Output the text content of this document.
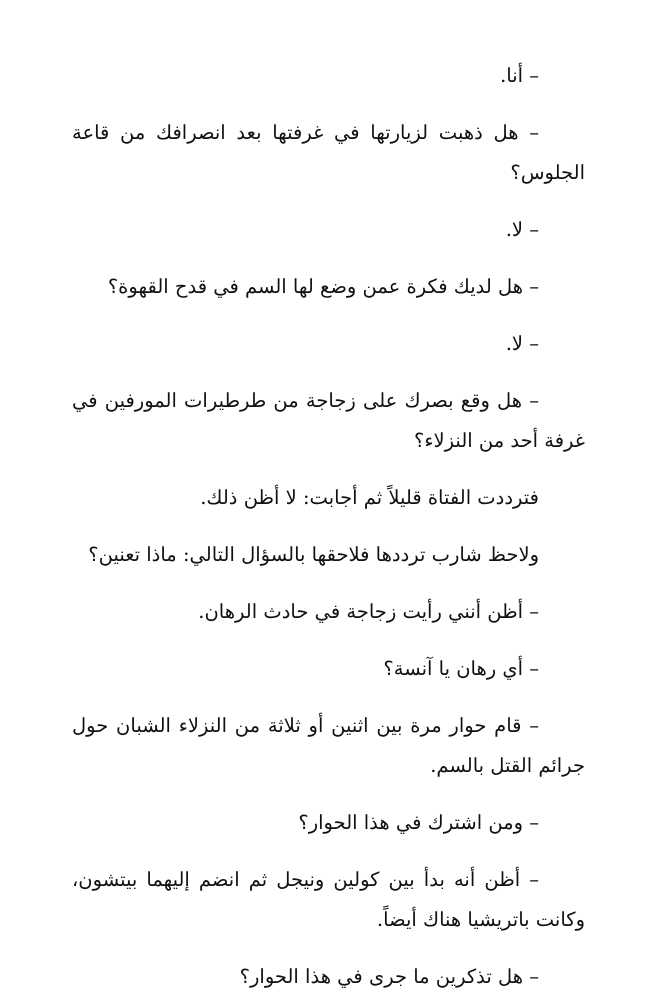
– أنا.

– هل ذهبت لزيارتها في غرفتها بعد انصرافك من قاعة الجلوس؟

– لا.

– هل لديك فكرة عمن وضع لها السم في قدح القهوة؟

– لا.

– هل وقع بصرك على زجاجة من طرطيرات المورفين في غرفة أحد من النزلاء؟

فترددت الفتاة قليلاً ثم أجابت: لا أظن ذلك.

ولاحظ شارب ترددها فلاحقها بالسؤال التالي: ماذا تعنين؟

– أظن أنني رأيت زجاجة في حادث الرهان.

– أي رهان يا آنسة؟

– قام حوار مرة بين اثنين أو ثلاثة من النزلاء الشبان حول جرائم القتل بالسم.

– ومن اشترك في هذا الحوار؟

– أظن أنه بدأ بين كولين ونيجل ثم انضم إليهما بيتشون، وكانت باتريشيا هناك أيضاً.

– هل تذكرين ما جرى في هذا الحوار؟
